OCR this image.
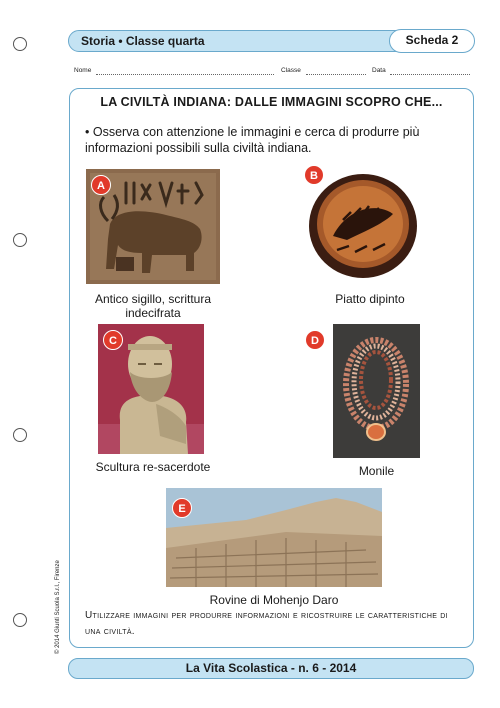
Storia • Classe quarta	Scheda 2
Nome	Classe	Data
LA CIVILTÀ INDIANA: DALLE IMMAGINI SCOPRO CHE...
• Osserva con attenzione le immagini e cerca di produrre più informazioni possibili sulla civiltà indiana.
A
Antico sigillo, scrittura indecifrata
B
Piatto dipinto
C
Scultura re-sacerdote
D
Monile
E
Rovine di Mohenjo Daro
Utilizzare immagini per produrre informazioni e ricostruire le caratteristiche di una civiltà.
© 2014 Giunti Scuola S.r.l., Firenze
La Vita Scolastica - n. 6 - 2014
